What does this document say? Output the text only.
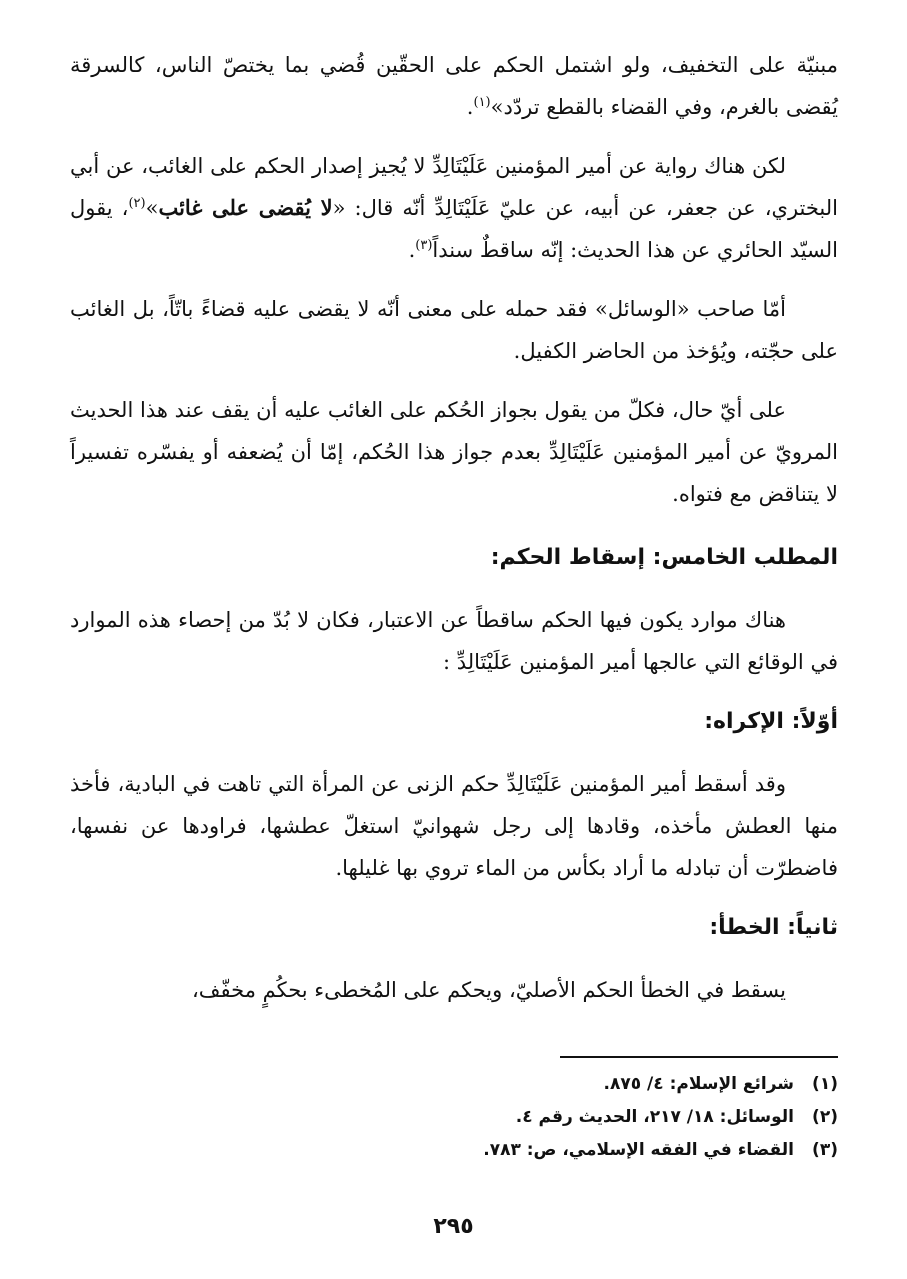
مبنيّة على التخفيف، ولو اشتمل الحكم على الحقّين قُضي بما يختصّ الناس، كالسرقة يُقضى بالغرم، وفي القضاء بالقطع تردّد»$^{(١)}$.

لكن هناك رواية عن أمير المؤمنين عَلَيْتَالِدِّ لا يُجيز إصدار الحكم على الغائب، عن أبي البختري، عن جعفر، عن أبيه، عن عليّ عَلَيْتَالِدِّ أنّه قال: «لا يُقضى على غائب»$^{(٢)}$، يقول السيّد الحائري عن هذا الحديث: إنّه ساقطٌ سنداً$^{(٣)}$.

أمّا صاحب «الوسائل» فقد حمله على معنى أنّه لا يقضى عليه قضاءً باتّاً، بل الغائب على حجّته، ويُؤخذ من الحاضر الكفيل.

على أيّ حال، فكلّ من يقول بجواز الحُكم على الغائب عليه أن يقف عند هذا الحديث المرويّ عن أمير المؤمنين عَلَيْتَالِدِّ بعدم جواز هذا الحُكم، إمّا أن يُضعفه أو يفسّره تفسيراً لا يتناقض مع فتواه.

المطلب الخامس: إسقاط الحكم:

هناك موارد يكون فيها الحكم ساقطاً عن الاعتبار، فكان لا بُدّ من إحصاء هذه الموارد في الوقائع التي عالجها أمير المؤمنين عَلَيْتَالِدِّ :

أوّلاً: الإكراه:

وقد أسقط أمير المؤمنين عَلَيْتَالِدِّ حكم الزنى عن المرأة التي تاهت في البادية، فأخذ منها العطش مأخذه، وقادها إلى رجل شهوانيّ استغلّ عطشها، فراودها عن نفسها، فاضطرّت أن تبادله ما أراد بكأس من الماء تروي بها غليلها.

ثانياً: الخطأ:

يسقط في الخطأ الحكم الأصليّ، ويحكم على المُخطىء بحكُمٍ مخفّف،

(١)
شرائع الإسلام: ٤/ ٨٧٥.
(٢)
الوسائل: ١٨/ ٢١٧، الحديث رقم ٤.
(٣)
القضاء في الفقه الإسلامي، ص: ٧٨٣.
٢٩٥
